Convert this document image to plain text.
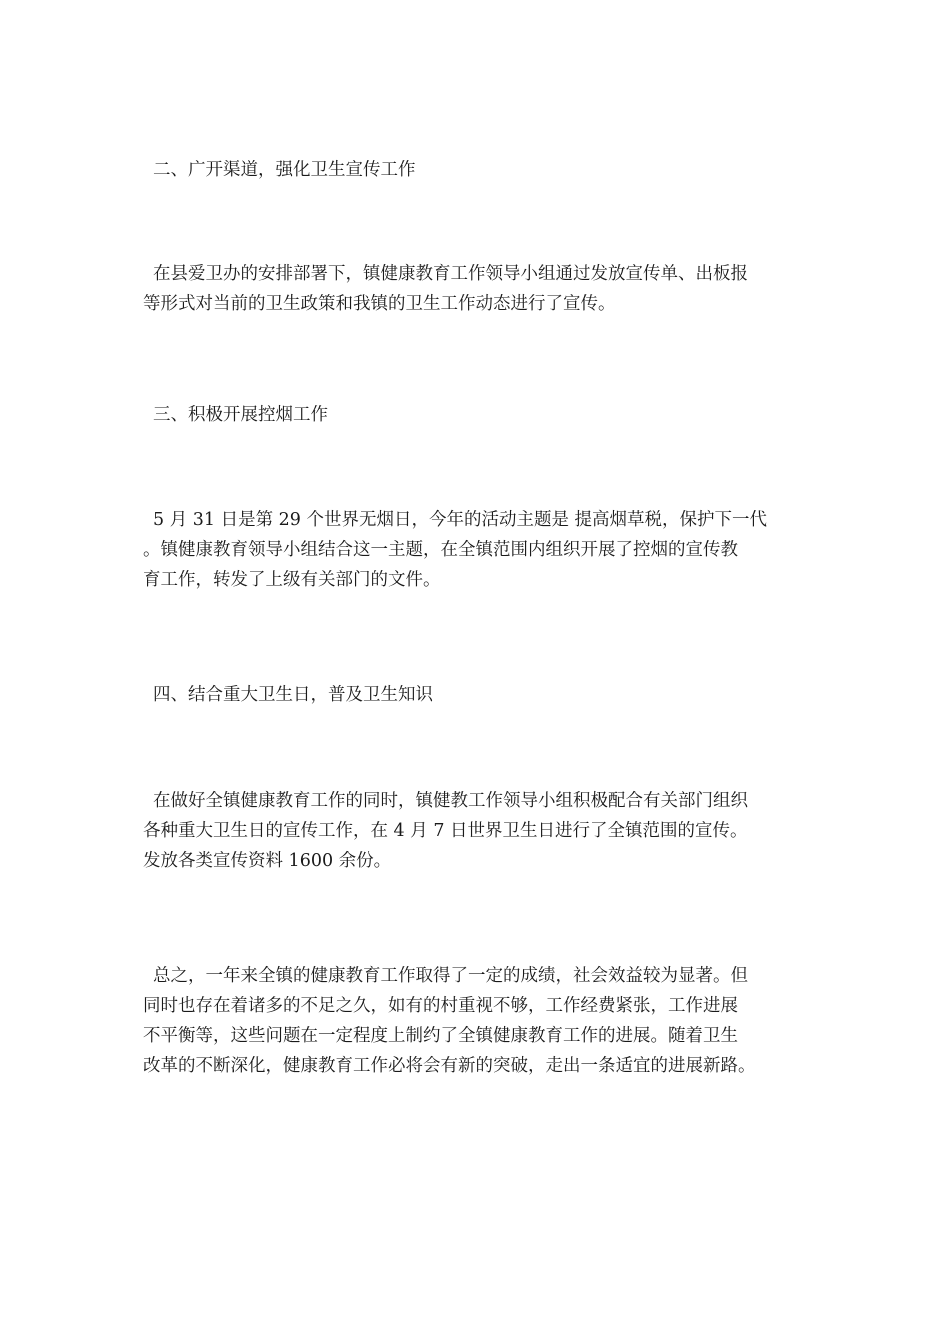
二、广开渠道，强化卫生宣传工作
在县爱卫办的安排部署下，镇健康教育工作领导小组通过发放宣传单、出板报
等形式对当前的卫生政策和我镇的卫生工作动态进行了宣传。
三、积极开展控烟工作
5 月 31 日是第 29 个世界无烟日，今年的活动主题是 提高烟草税，保护下一代
。镇健康教育领导小组结合这一主题，在全镇范围内组织开展了控烟的宣传教
育工作，转发了上级有关部门的文件。
四、结合重大卫生日，普及卫生知识
在做好全镇健康教育工作的同时，镇健教工作领导小组积极配合有关部门组织
各种重大卫生日的宣传工作，在 4 月 7 日世界卫生日进行了全镇范围的宣传。
发放各类宣传资料 1600 余份。
总之，一年来全镇的健康教育工作取得了一定的成绩，社会效益较为显著。但
同时也存在着诸多的不足之久，如有的村重视不够，工作经费紧张，工作进展
不平衡等，这些问题在一定程度上制约了全镇健康教育工作的进展。随着卫生
改革的不断深化，健康教育工作必将会有新的突破，走出一条适宜的进展新路。
